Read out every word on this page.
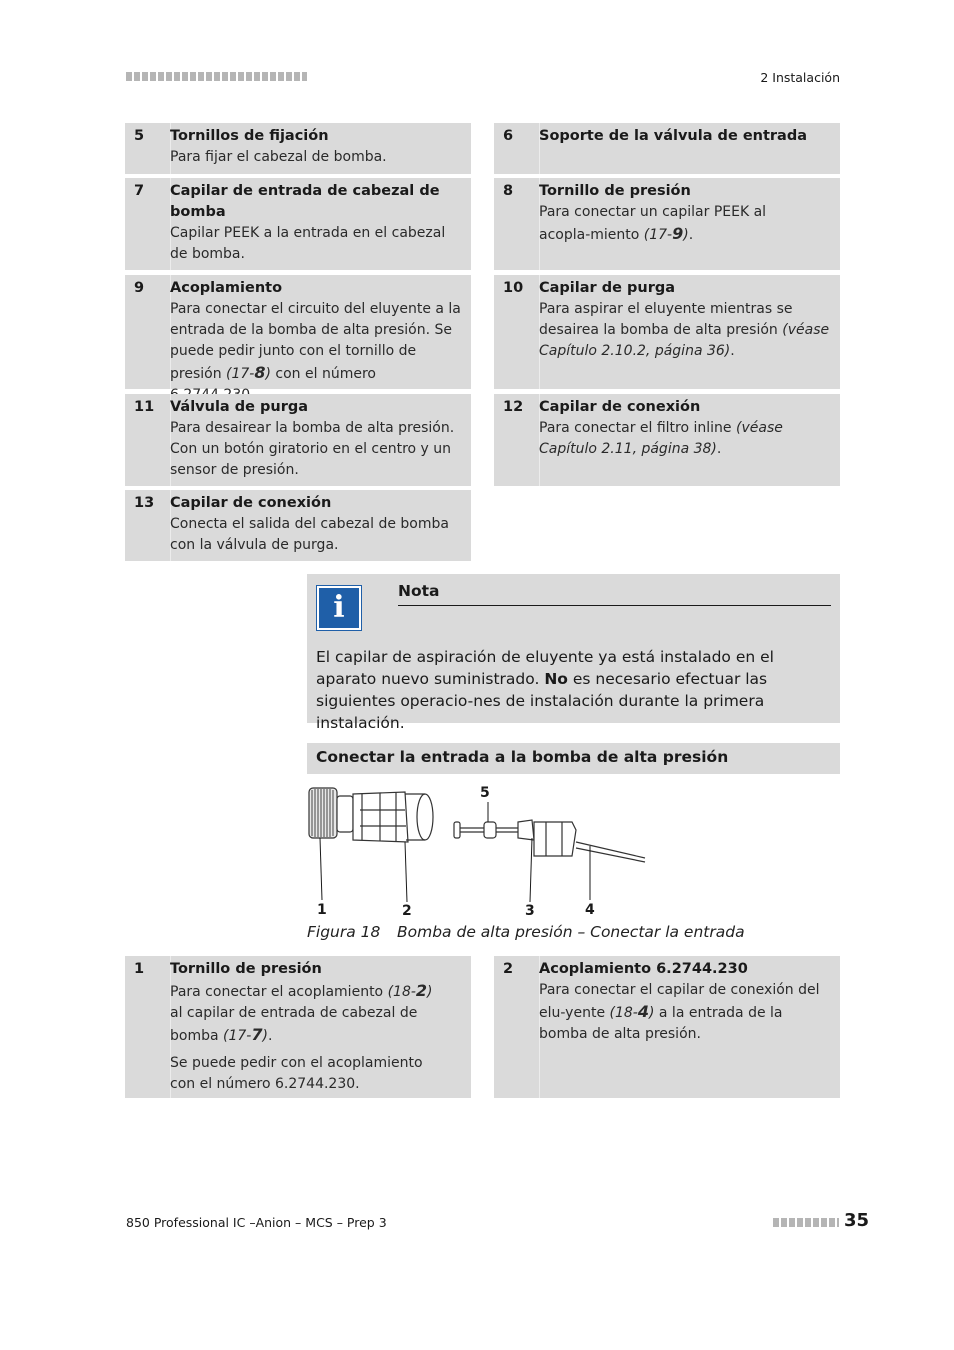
2 Instalación
5	Tornillos de fijación
Para fijar el cabezal de bomba.
6	Soporte de la válvula de entrada
7	Capilar de entrada de cabezal de bomba
Capilar PEEK a la entrada en el cabezal de bomba.
8	Tornillo de presión
Para conectar un capilar PEEK al acopla-miento (17-9).
9	Acoplamiento
Para conectar el circuito del eluyente a la entrada de la bomba de alta presión. Se puede pedir junto con el tornillo de presión (17-8) con el número
10	Capilar de purga
Para aspirar el eluyente mientras se desairea la bomba de alta presión (véase Capítulo 2.10.2, página 36).
11	Válvula de purga
Para desairear la bomba de alta presión. Con un botón giratorio en el centro y un sensor de presión.
12	Capilar de conexión
Para conectar el filtro inline (véase Capítulo 2.11, página 38).
13	Capilar de conexión
Conecta el salida del cabezal de bomba con la válvula de purga.
i	Nota
El capilar de aspiración de eluyente ya está instalado en el aparato nuevo suministrado. No es necesario efectuar las siguientes operacio-nes de instalación durante la primera instalación.
Conectar la entrada a la bomba de alta presión
1	2	3	4
5
Figura 18 Bomba de alta presión – Conectar la entrada
1	Tornillo de presión
Para conectar el acoplamiento (18-2) al capilar de entrada de cabezal de bomba (17-7).
Se puede pedir con el acoplamiento con el número 6.2744.230.
2	Acoplamiento 6.2744.230
Para conectar el capilar de conexión del elu-yente (18-4) a la entrada de la bomba de alta presión.
850 Professional IC –Anion – MCS – Prep 3	35
